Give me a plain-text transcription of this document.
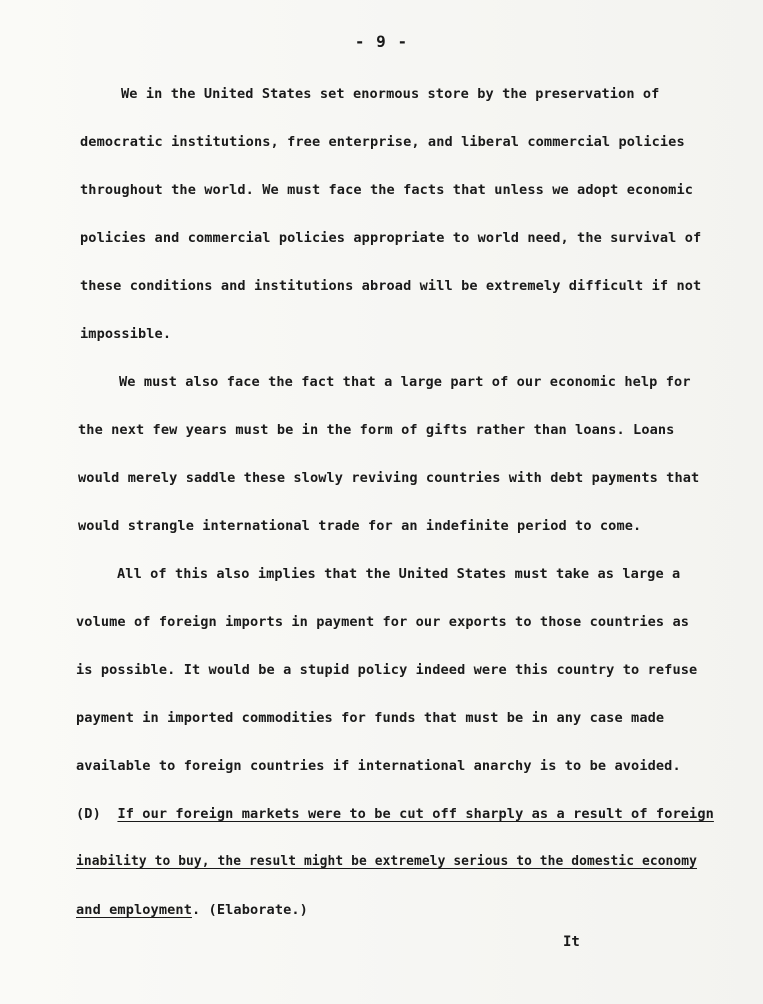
- 9 -
We in the United States set enormous store by the preservation of
democratic institutions, free enterprise, and liberal commercial policies
throughout the world. We must face the facts that unless we adopt economic
policies and commercial policies appropriate to world need, the survival of
these conditions and institutions abroad will be extremely difficult if not
impossible.
We must also face the fact that a large part of our economic help for
the next few years must be in the form of gifts rather than loans. Loans
would merely saddle these slowly reviving countries with debt payments that
would strangle international trade for an indefinite period to come.
All of this also implies that the United States must take as large a
volume of foreign imports in payment for our exports to those countries as
is possible. It would be a stupid policy indeed were this country to refuse
payment in imported commodities for funds that must be in any case made
available to foreign countries if international anarchy is to be avoided.
(D) If our foreign markets were to be cut off sharply as a result of foreign
inability to buy, the result might be extremely serious to the domestic economy
and employment. (Elaborate.)
It
